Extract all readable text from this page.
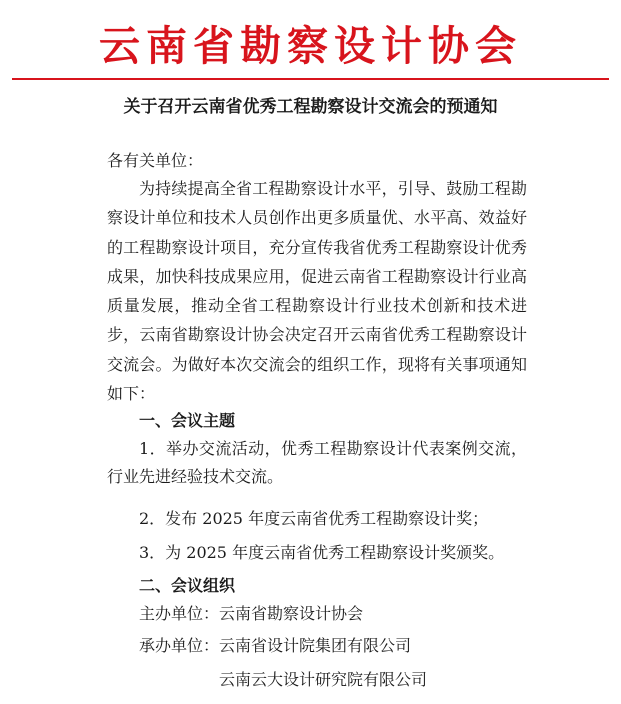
云南省勘察设计协会
关于召开云南省优秀工程勘察设计交流会的预通知
各有关单位：

为持续提高全省工程勘察设计水平，引导、鼓励工程勘察设计单位和技术人员创作出更多质量优、水平高、效益好的工程勘察设计项目，充分宣传我省优秀工程勘察设计优秀成果，加快科技成果应用，促进云南省工程勘察设计行业高质量发展，推动全省工程勘察设计行业技术创新和技术进步，云南省勘察设计协会决定召开云南省优秀工程勘察设计交流会。为做好本次交流会的组织工作，现将有关事项通知如下：

一、会议主题

1．举办交流活动，优秀工程勘察设计代表案例交流，行业先进经验技术交流。

2．发布 2025 年度云南省优秀工程勘察设计奖；
3．为 2025 年度云南省优秀工程勘察设计奖颁奖。
二、会议组织
主办单位：云南省勘察设计协会
承办单位：云南省设计院集团有限公司
云南云大设计研究院有限公司
